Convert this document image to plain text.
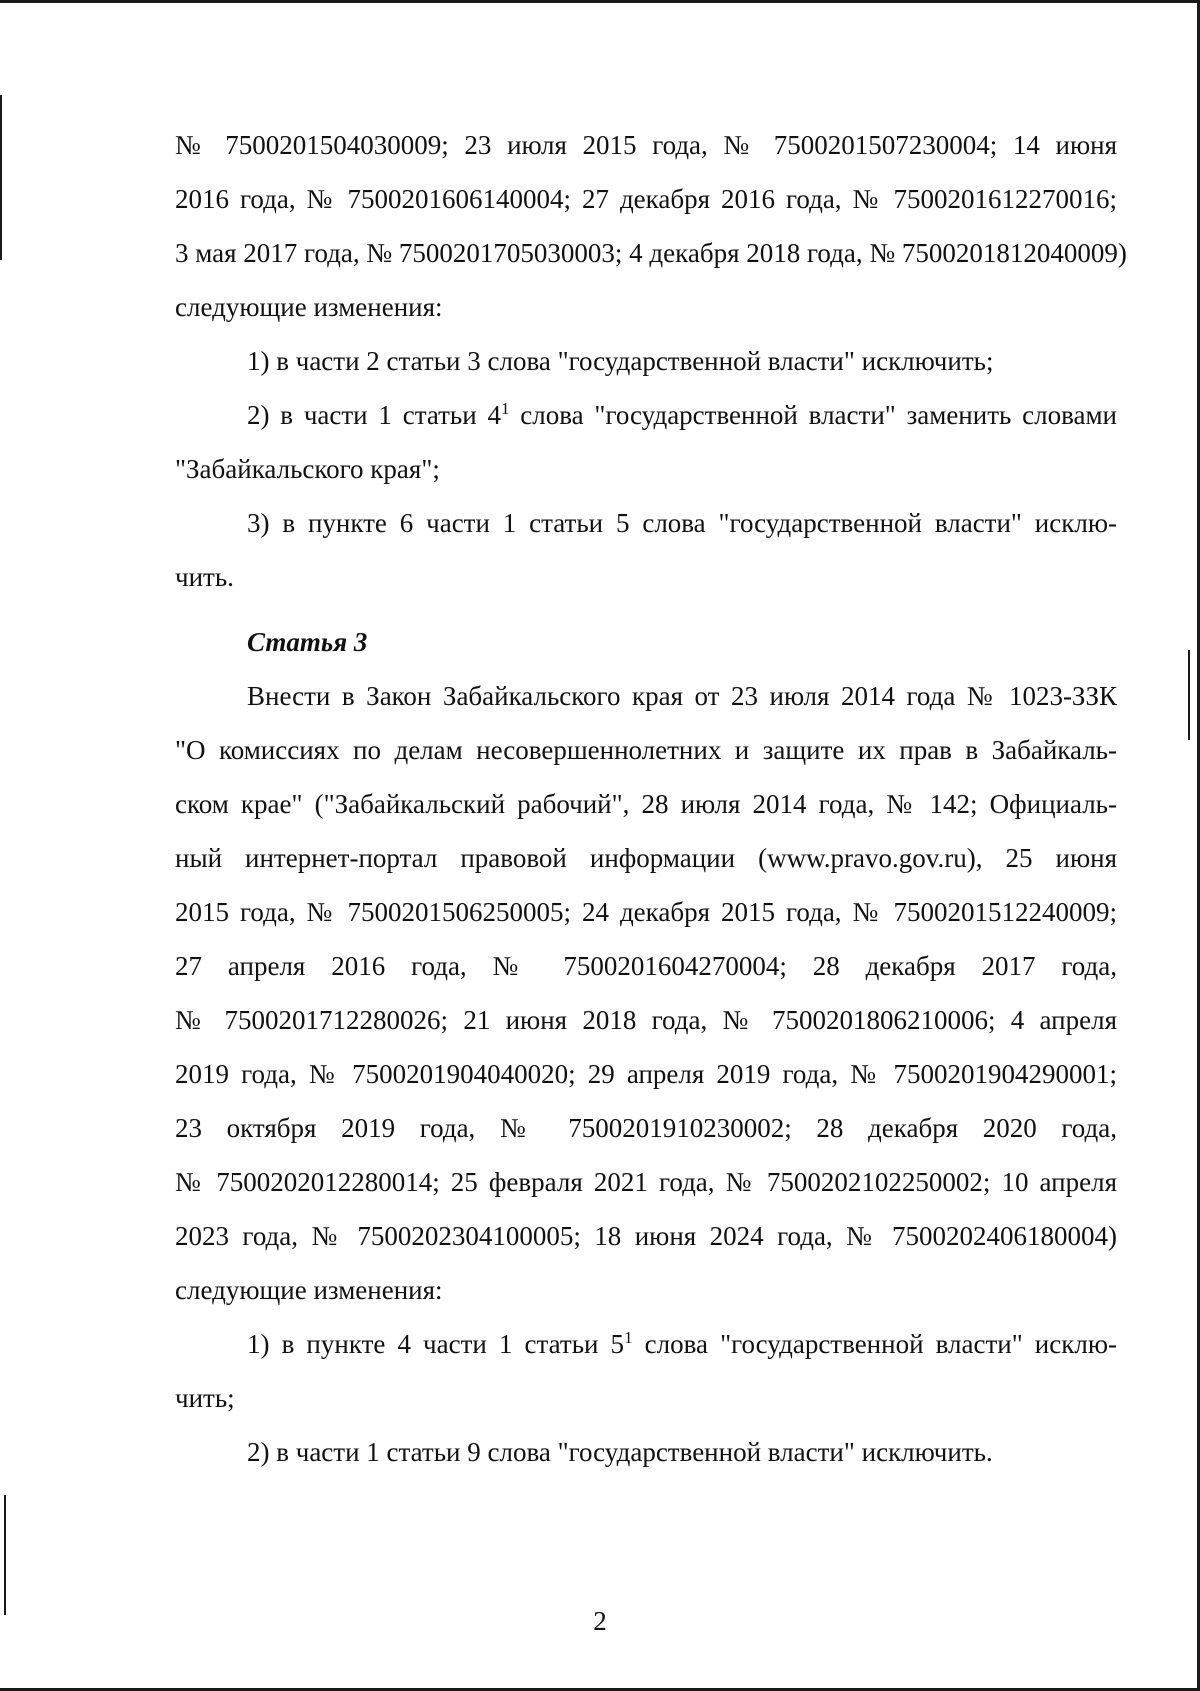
№ 7500201504030009; 23 июля 2015 года, № 7500201507230004; 14 июня
2016 года, № 7500201606140004; 27 декабря 2016 года, № 7500201612270016;
3 мая 2017 года, № 7500201705030003; 4 декабря 2018 года, № 7500201812040009)
следующие изменения:
1) в части 2 статьи 3 слова "государственной власти" исключить;
2) в части 1 статьи $4^1$ слова "государственной власти" заменить словами
"Забайкальского края";
3) в пункте 6 части 1 статьи 5 слова "государственной власти" исклю-
чить.
Статья 3
Внести в Закон Забайкальского края от 23 июля 2014 года № 1023-ЗЗК
"О комиссиях по делам несовершеннолетних и защите их прав в Забайкаль-
ском крае" ("Забайкальский рабочий", 28 июля 2014 года, № 142; Официаль-
ный интернет-портал правовой информации (www.pravo.gov.ru), 25 июня
2015 года, № 7500201506250005; 24 декабря 2015 года, № 7500201512240009;
27 апреля 2016 года, № 7500201604270004; 28 декабря 2017 года,
№ 7500201712280026; 21 июня 2018 года, № 7500201806210006; 4 апреля
2019 года, № 7500201904040020; 29 апреля 2019 года, № 7500201904290001;
23 октября 2019 года, № 7500201910230002; 28 декабря 2020 года,
№ 7500202012280014; 25 февраля 2021 года, № 7500202102250002; 10 апреля
2023 года, № 7500202304100005; 18 июня 2024 года, № 7500202406180004)
следующие изменения:
1) в пункте 4 части 1 статьи $5^1$ слова "государственной власти" исклю-
чить;
2) в части 1 статьи 9 слова "государственной власти" исключить.
2
